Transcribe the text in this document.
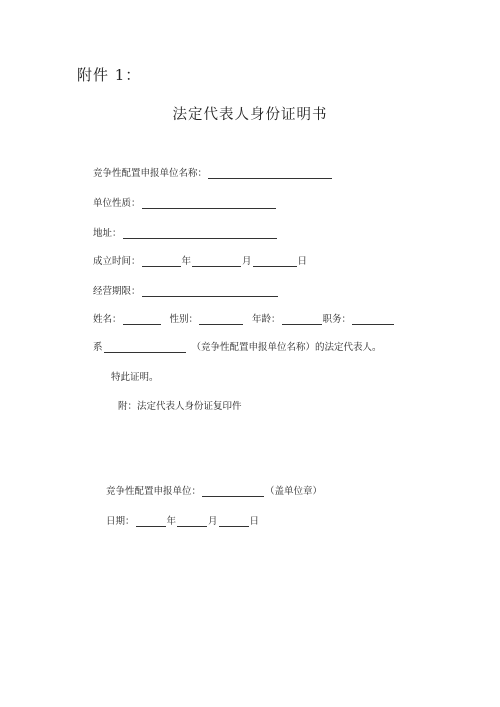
附件 1：
法定代表人身份证明书
竞争性配置申报单位名称：
单位性质：
地址：
成立时间：	年	月	日
经营期限：
姓名：	性别：	年龄：	职务：
系	（竞争性配置申报单位名称）的法定代表人。
特此证明。
附：法定代表人身份证复印件
竞争性配置申报单位：	（盖单位章）
日期：	年	月	日
